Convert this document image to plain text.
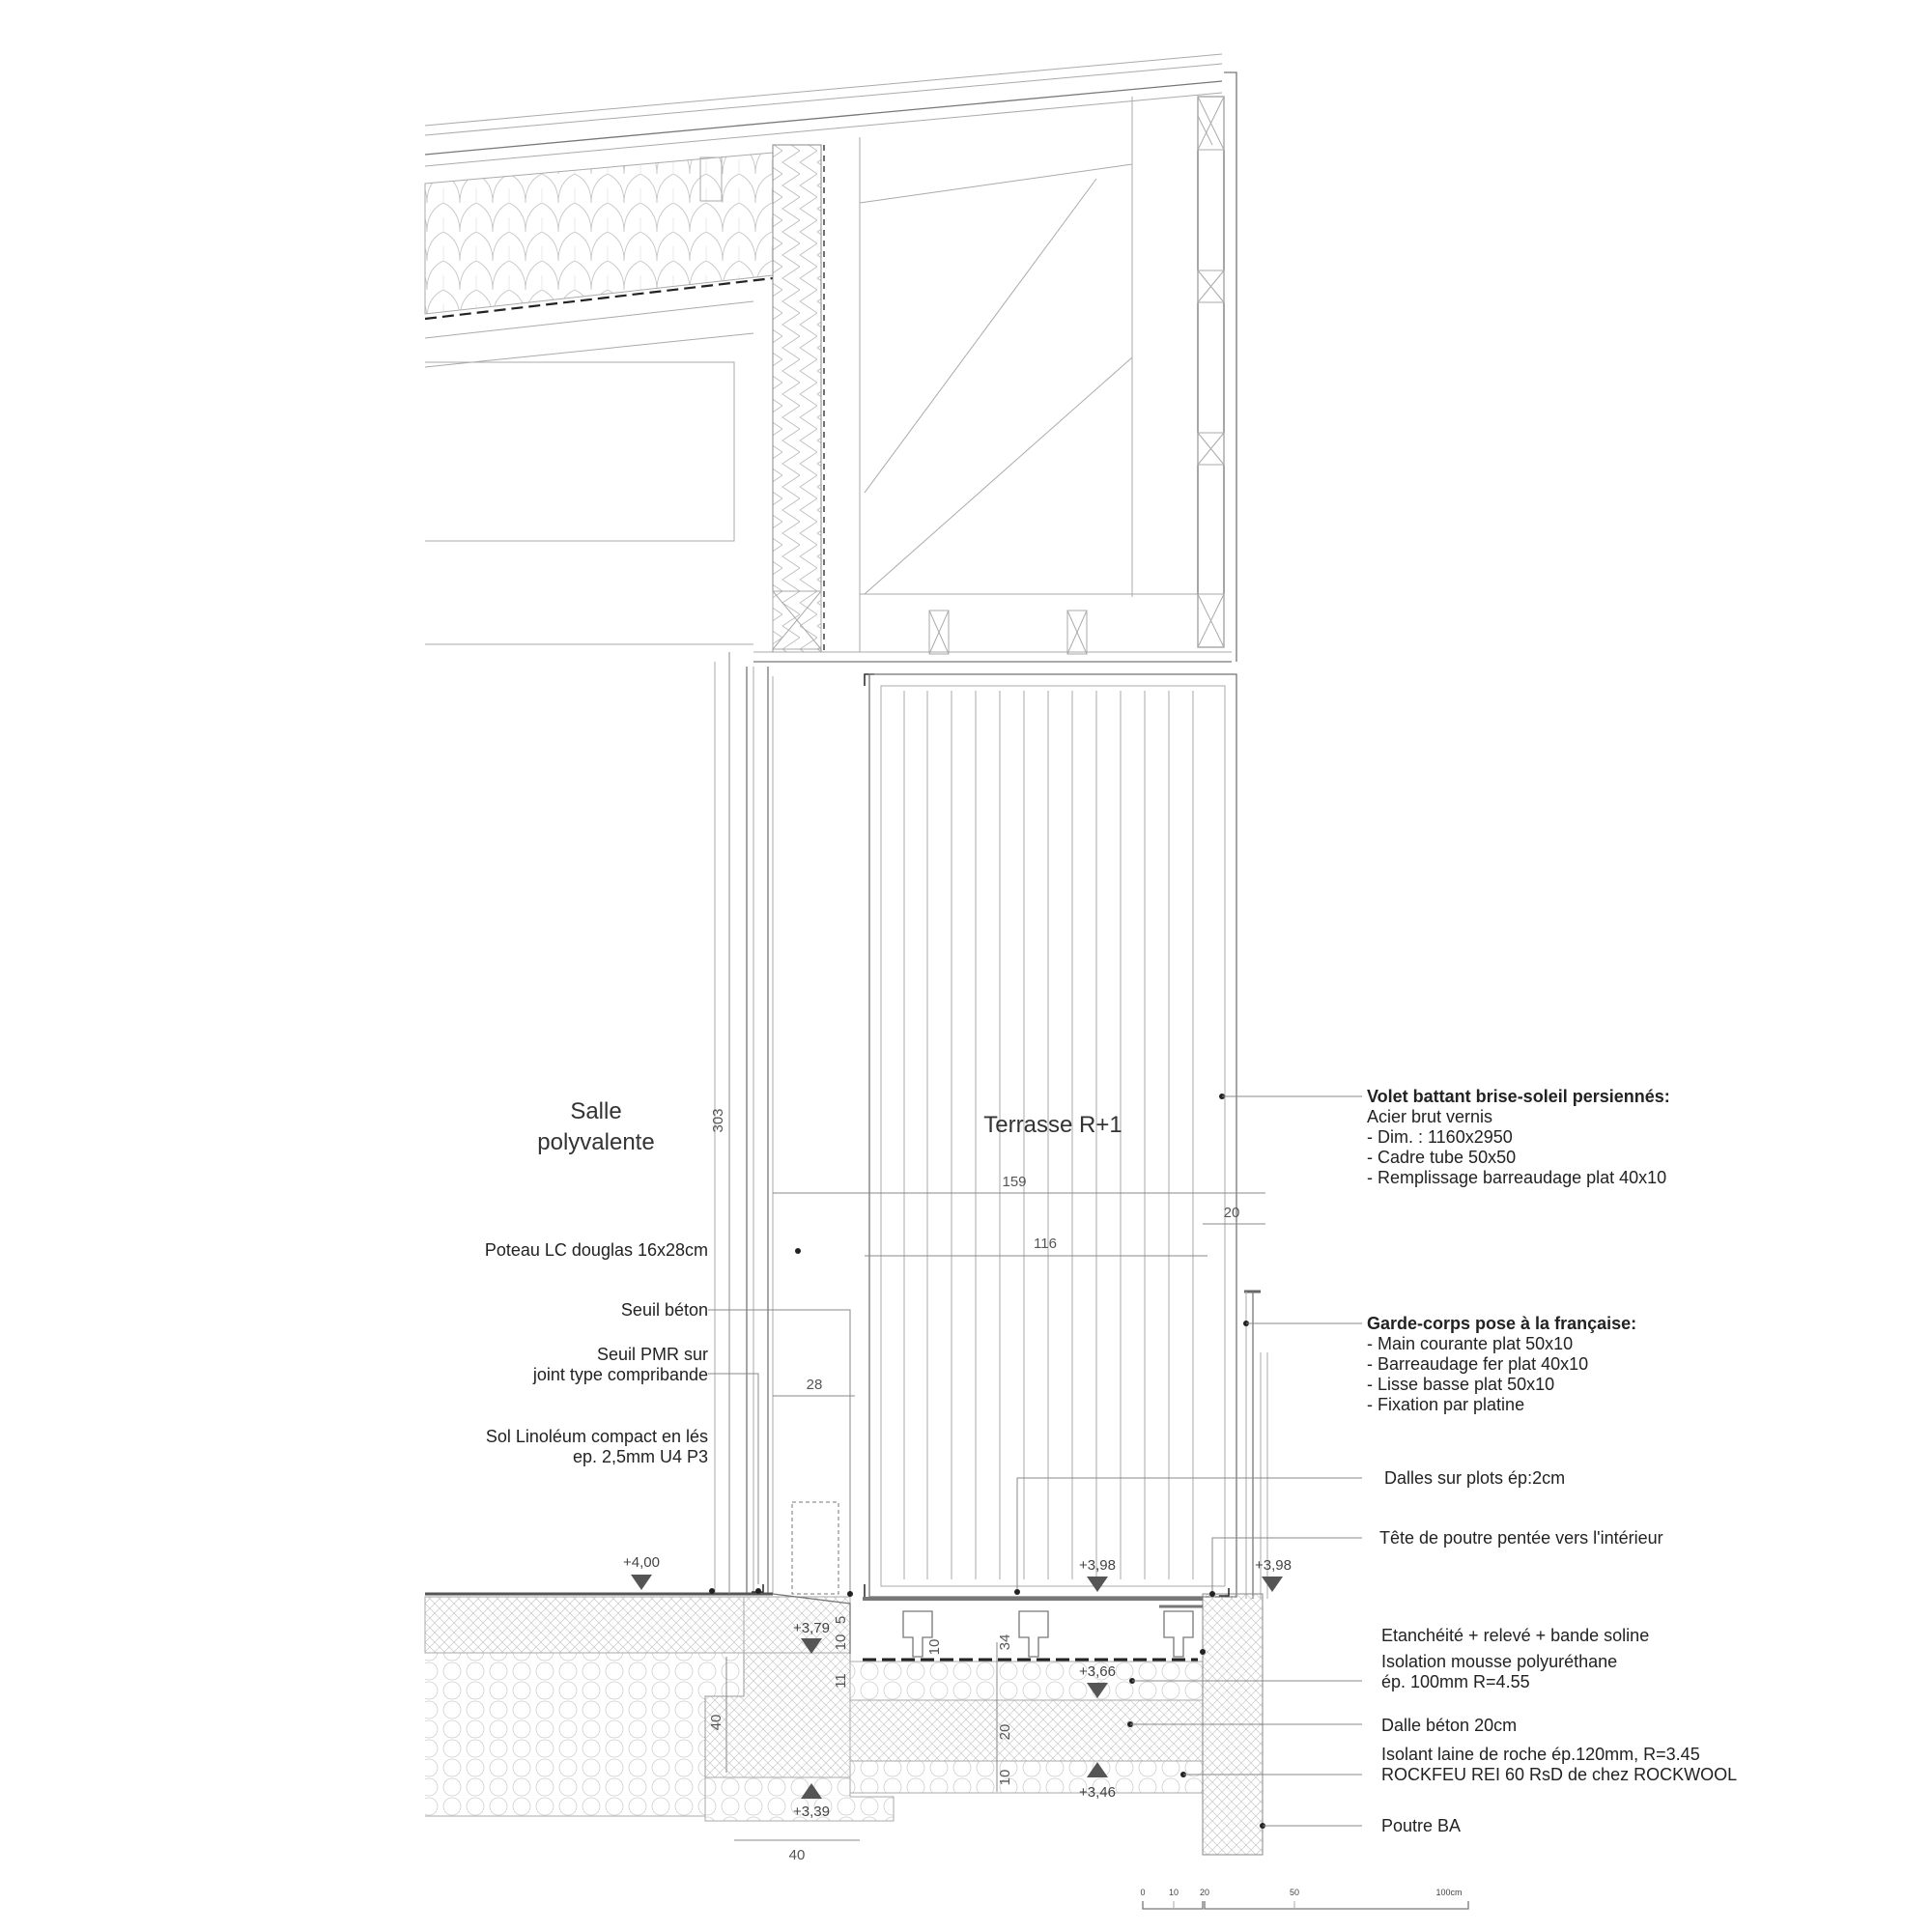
Salle
polyvalente
Terrasse R+1
303
159
20
116
28
5
10	10	34
11
40
20
10
40
+4,00	+3,98	+3,98
+3,79
+3,66
+3,39
+3,46
Poteau LC douglas 16x28cm
Seuil béton
Seuil PMR sur
joint type compribande
Sol Linoléum compact en lés
ep. 2,5mm U4 P3
Volet battant brise-soleil persiennés:
Acier brut vernis
- Dim. : 1160x2950
- Cadre tube 50x50
- Remplissage barreaudage plat 40x10
Garde-corps pose à la française:
- Main courante plat 50x10
- Barreaudage fer plat 40x10
- Lisse basse plat 50x10
- Fixation par platine
Dalles sur plots ép:2cm
Tête de poutre pentée vers l'intérieur
Etanchéité + relevé + bande soline
Isolation mousse polyuréthane
ép. 100mm R=4.55
Dalle béton 20cm
Isolant laine de roche ép.120mm, R=3.45
ROCKFEU REI 60 RsD de chez ROCKWOOL
Poutre BA
0	10 20	50	100cm
